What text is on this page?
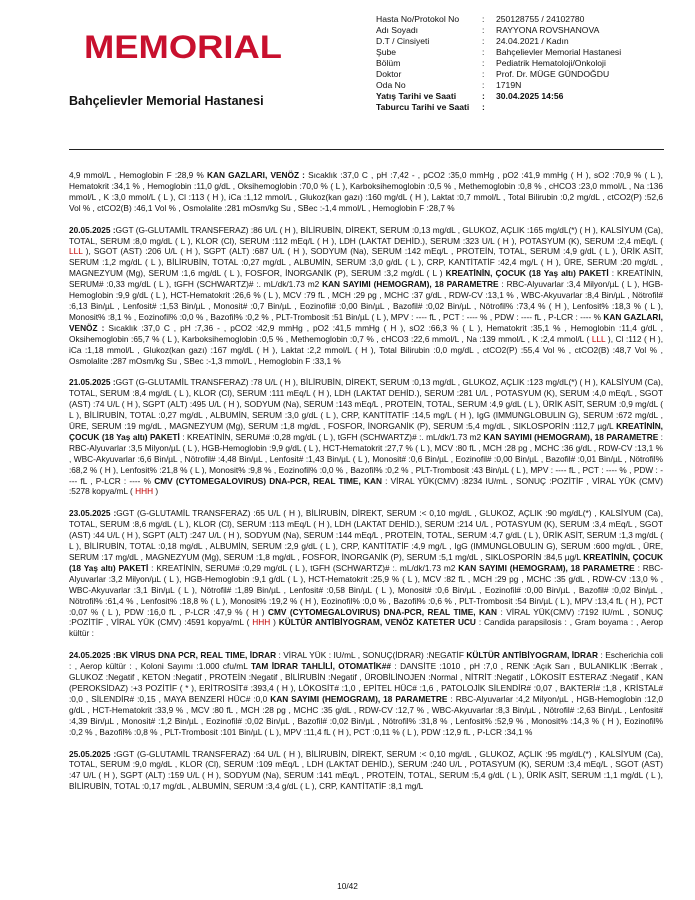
MEMORIAL
Bahçelievler Memorial Hastanesi
Hasta No/Protokol No	:	250128755 / 24102780
Adı Soyadı	:	RAYYONA ROVSHANOVA
D.T / Cinsiyeti	:	24.04.2021 / Kadın
Şube	:	Bahçelievler Memorial Hastanesi
Bölüm	:	Pediatrik Hematoloji/Onkoloji
Doktor	:	Prof. Dr. MÜGE GÜNDOĞDU
Oda No	:	1719N
Yatış Tarihi ve Saati	:	30.04.2025 14:56
Taburcu Tarihi ve Saati	:

4,9 mmol/L , Hemoglobin F :28,9 % KAN GAZLARI, VENÖZ : Sıcaklık :37,0 C , pH :7,42 - , pCO2 :35,0 mmHg , pO2 :41,9 mmHg ( H ), sO2 :70,9 % ( L ), Hematokrit :34,1 % , Hemoglobin :11,0 g/dL , Oksihemoglobin :70,0 % ( L ), Karboksihemoglobin :0,5 % , Methemoglobin :0,8 % , cHCO3 :23,0 mmol/L , Na :136 mmol/L , K :3,0 mmol/L ( L ), Cl :113 ( H ), iCa :1,12 mmol/L , Glukoz(kan gazı) :160 mg/dL ( H ), Laktat :0,7 mmol/L , Total Bilirubin :0,2 mg/dL , ctCO2(P) :52,6 Vol % , ctCO2(B) :46,1 Vol % , Osmolalite :281 mOsm/kg Su , SBec :-1,4 mmol/L , Hemoglobin F :28,7 %

20.05.2025 :GGT (G-GLUTAMİL TRANSFERAZ) :86 U/L ( H ), BİLİRUBİN, DİREKT, SERUM :0,13 mg/dL , GLUKOZ, AÇLIK :165 mg/dL(*) ( H ), KALSİYUM (Ca), TOTAL, SERUM :8,0 mg/dL ( L ), KLOR (Cl), SERUM :112 mEq/L ( H ), LDH (LAKTAT DEHİD.), SERUM :323 U/L ( H ), POTASYUM (K), SERUM :2,4 mEq/L ( LLL ), SGOT (AST) :206 U/L ( H ), SGPT (ALT) :687 U/L ( H ), SODYUM (Na), SERUM :142 mEq/L , PROTEİN, TOTAL, SERUM :4,9 g/dL ( L ), ÜRİK ASİT, SERUM :1,2 mg/dL ( L ), BİLİRUBİN, TOTAL :0,27 mg/dL , ALBUMİN, SERUM :3,0 g/dL ( L ), CRP, KANTİTATİF :42,4 mg/L ( H ), ÜRE, SERUM :20 mg/dL , MAGNEZYUM (Mg), SERUM :1,6 mg/dL ( L ), FOSFOR, İNORGANİK (P), SERUM :3,2 mg/dL ( L ) KREATİNİN, ÇOCUK (18 Yaş altı) PAKETİ : KREATİNİN, SERUM# :0,33 mg/dL ( L ), tGFH (SCHWARTZ)# :. mL/dk/1.73 m2 KAN SAYIMI (HEMOGRAM), 18 PARAMETRE : RBC-Alyuvarlar :3,4 Milyon/µL ( L ), HGB-Hemoglobin :9,9 g/dL ( L ), HCT-Hematokrit :26,6 % ( L ), MCV :79 fL , MCH :29 pg , MCHC :37 g/dL , RDW-CV :13,1 % , WBC-Akyuvarlar :8,4 Bin/µL , Nötrofil# :6,13 Bin/µL , Lenfosit# :1,53 Bin/µL , Monosit# :0,7 Bin/µL , Eozinofil# :0,00 Bin/µL , Bazofil# :0,02 Bin/µL , Nötrofil% :73,4 % ( H ), Lenfosit% :18,3 % ( L ), Monosit% :8,1 % , Eozinofil% :0,0 % , Bazofil% :0,2 % , PLT-Trombosit :51 Bin/µL ( L ), MPV : ---- fL , PCT : ---- % , PDW : ---- fL , P-LCR : ---- % KAN GAZLARI, VENÖZ : Sıcaklık :37,0 C , pH :7,36 - , pCO2 :42,9 mmHg , pO2 :41,5 mmHg ( H ), sO2 :66,3 % ( L ), Hematokrit :35,1 % , Hemoglobin :11,4 g/dL , Oksihemoglobin :65,7 % ( L ), Karboksihemoglobin :0,5 % , Methemoglobin :0,7 % , cHCO3 :22,6 mmol/L , Na :139 mmol/L , K :2,4 mmol/L ( LLL ), Cl :112 ( H ), iCa :1,18 mmol/L , Glukoz(kan gazı) :167 mg/dL ( H ), Laktat :2,2 mmol/L ( H ), Total Bilirubin :0,0 mg/dL , ctCO2(P) :55,4 Vol % , ctCO2(B) :48,7 Vol % , Osmolalite :287 mOsm/kg Su , SBec :-1,3 mmol/L , Hemoglobin F :33,1 %

21.05.2025 :GGT (G-GLUTAMİL TRANSFERAZ) :78 U/L ( H ), BİLİRUBİN, DİREKT, SERUM :0,13 mg/dL , GLUKOZ, AÇLIK :123 mg/dL(*) ( H ), KALSİYUM (Ca), TOTAL, SERUM :8,4 mg/dL ( L ), KLOR (Cl), SERUM :111 mEq/L ( H ), LDH (LAKTAT DEHİD.), SERUM :281 U/L , POTASYUM (K), SERUM :4,0 mEq/L , SGOT (AST) :74 U/L ( H ), SGPT (ALT) :495 U/L ( H ), SODYUM (Na), SERUM :143 mEq/L , PROTEİN, TOTAL, SERUM :4,9 g/dL ( L ), ÜRİK ASİT, SERUM :0,9 mg/dL ( L ), BİLİRUBİN, TOTAL :0,27 mg/dL , ALBUMİN, SERUM :3,0 g/dL ( L ), CRP, KANTİTATİF :14,5 mg/L ( H ), IgG (IMMUNGLOBULIN G), SERUM :672 mg/dL , ÜRE, SERUM :19 mg/dL , MAGNEZYUM (Mg), SERUM :1,8 mg/dL , FOSFOR, İNORGANİK (P), SERUM :5,4 mg/dL , SIKLOSPORİN :112,7 µg/L KREATİNİN, ÇOCUK (18 Yaş altı) PAKETİ : KREATİNİN, SERUM# :0,28 mg/dL ( L ), tGFH (SCHWARTZ)# :. mL/dk/1.73 m2 KAN SAYIMI (HEMOGRAM), 18 PARAMETRE : RBC-Alyuvarlar :3,5 Milyon/µL ( L ), HGB-Hemoglobin :9,9 g/dL ( L ), HCT-Hematokrit :27,7 % ( L ), MCV :80 fL , MCH :28 pg , MCHC :36 g/dL , RDW-CV :13,1 % , WBC-Akyuvarlar :6,6 Bin/µL , Nötrofil# :4,48 Bin/µL , Lenfosit# :1,43 Bin/µL ( L ), Monosit# :0,6 Bin/µL , Eozinofil# :0,00 Bin/µL , Bazofil# :0,01 Bin/µL , Nötrofil% :68,2 % ( H ), Lenfosit% :21,8 % ( L ), Monosit% :9,8 % , Eozinofil% :0,0 % , Bazofil% :0,2 % , PLT-Trombosit :43 Bin/µL ( L ), MPV : ---- fL , PCT : ---- % , PDW : ---- fL , P-LCR : ---- % CMV (CYTOMEGALOVIRUS) DNA-PCR, REAL TIME, KAN : VİRAL YÜK(CMV) :8234 IU/mL , SONUÇ :POZİTİF , VİRAL YÜK (CMV) :5278 kopya/mL ( HHH )

23.05.2025 :GGT (G-GLUTAMİL TRANSFERAZ) :65 U/L ( H ), BİLİRUBİN, DİREKT, SERUM :< 0,10 mg/dL , GLUKOZ, AÇLIK :90 mg/dL(*) , KALSİYUM (Ca), TOTAL, SERUM :8,6 mg/dL ( L ), KLOR (Cl), SERUM :113 mEq/L ( H ), LDH (LAKTAT DEHİD.), SERUM :214 U/L , POTASYUM (K), SERUM :3,4 mEq/L , SGOT (AST) :44 U/L ( H ), SGPT (ALT) :247 U/L ( H ), SODYUM (Na), SERUM :144 mEq/L , PROTEİN, TOTAL, SERUM :4,7 g/dL ( L ), ÜRİK ASİT, SERUM :1,3 mg/dL ( L ), BİLİRUBİN, TOTAL :0,18 mg/dL , ALBUMİN, SERUM :2,9 g/dL ( L ), CRP, KANTİTATİF :4,9 mg/L , IgG (IMMUNGLOBULIN G), SERUM :600 mg/dL , ÜRE, SERUM :17 mg/dL , MAGNEZYUM (Mg), SERUM :1,8 mg/dL , FOSFOR, İNORGANİK (P), SERUM :5,1 mg/dL , SIKLOSPORİN :84,5 µg/L KREATİNİN, ÇOCUK (18 Yaş altı) PAKETİ : KREATİNİN, SERUM# :0,29 mg/dL ( L ), tGFH (SCHWARTZ)# :. mL/dk/1.73 m2 KAN SAYIMI (HEMOGRAM), 18 PARAMETRE : RBC-Alyuvarlar :3,2 Milyon/µL ( L ), HGB-Hemoglobin :9,1 g/dL ( L ), HCT-Hematokrit :25,9 % ( L ), MCV :82 fL , MCH :29 pg , MCHC :35 g/dL , RDW-CV :13,0 % , WBC-Akyuvarlar :3,1 Bin/µL ( L ), Nötrofil# :1,89 Bin/µL , Lenfosit# :0,58 Bin/µL ( L ), Monosit# :0,6 Bin/µL , Eozinofil# :0,00 Bin/µL , Bazofil# :0,02 Bin/µL , Nötrofil% :61,4 % , Lenfosit% :18,8 % ( L ), Monosit% :19,2 % ( H ), Eozinofil% :0,0 % , Bazofil% :0,6 % , PLT-Trombosit :54 Bin/µL ( L ), MPV :13,4 fL ( H ), PCT :0,07 % ( L ), PDW :16,0 fL , P-LCR :47,9 % ( H ) CMV (CYTOMEGALOVIRUS) DNA-PCR, REAL TIME, KAN : VİRAL YÜK(CMV) :7192 IU/mL , SONUÇ :POZİTİF , VİRAL YÜK (CMV) :4591 kopya/mL ( HHH ) KÜLTÜR ANTİBİYOGRAM, VENÖZ KATETER UCU : Candida parapsilosis : , Gram boyama : , Aerop kültür :

24.05.2025 :BK VİRUS DNA PCR, REAL TIME, İDRAR : VİRAL YÜK : IU/mL , SONUÇ(İDRAR) :NEGATİF KÜLTÜR ANTİBİYOGRAM, İDRAR : Escherichia coli : , Aerop kültür : , Koloni Sayımı :1.000 cfu/mL TAM İDRAR TAHLİLİ, OTOMATİK## : DANSİTE :1010 , pH :7,0 , RENK :Açık Sarı , BULANIKLIK :Berrak , GLUKOZ :Negatif , KETON :Negatif , PROTEİN :Negatif , BİLİRUBİN :Negatif , ÜROBİLİNOJEN :Normal , NİTRİT :Negatif , LÖKOSİT ESTERAZ :Negatif , KAN (PEROKSİDAZ) :+3 POZİTİF ( * ), ERİTROSİT# :393,4 ( H ), LÖKOSİT# :1,0 , EPİTEL HÜC# :1,6 , PATOLOJİK SİLENDİR# :0,07 , BAKTERİ# :1,8 , KRİSTAL# :0,0 , SİLENDİR# :0,15 , MAYA BENZERİ HÜC# :0,0 KAN SAYIMI (HEMOGRAM), 18 PARAMETRE : RBC-Alyuvarlar :4,2 Milyon/µL , HGB-Hemoglobin :12,0 g/dL , HCT-Hematokrit :33,9 % , MCV :80 fL , MCH :28 pg , MCHC :35 g/dL , RDW-CV :12,7 % , WBC-Akyuvarlar :8,3 Bin/µL , Nötrofil# :2,63 Bin/µL , Lenfosit# :4,39 Bin/µL , Monosit# :1,2 Bin/µL , Eozinofil# :0,02 Bin/µL , Bazofil# :0,02 Bin/µL , Nötrofil% :31,8 % , Lenfosit% :52,9 % , Monosit% :14,3 % ( H ), Eozinofil% :0,2 % , Bazofil% :0,8 % , PLT-Trombosit :101 Bin/µL ( L ), MPV :11,4 fL ( H ), PCT :0,11 % ( L ), PDW :12,9 fL , P-LCR :34,1 %

25.05.2025 :GGT (G-GLUTAMİL TRANSFERAZ) :64 U/L ( H ), BİLİRUBİN, DİREKT, SERUM :< 0,10 mg/dL , GLUKOZ, AÇLIK :95 mg/dL(*) , KALSİYUM (Ca), TOTAL, SERUM :9,0 mg/dL , KLOR (Cl), SERUM :109 mEq/L , LDH (LAKTAT DEHİD.), SERUM :240 U/L , POTASYUM (K), SERUM :3,4 mEq/L , SGOT (AST) :47 U/L ( H ), SGPT (ALT) :159 U/L ( H ), SODYUM (Na), SERUM :141 mEq/L , PROTEİN, TOTAL, SERUM :5,4 g/dL ( L ), ÜRİK ASİT, SERUM :1,1 mg/dL ( L ), BİLİRUBİN, TOTAL :0,17 mg/dL , ALBUMİN, SERUM :3,4 g/dL ( L ), CRP, KANTİTATİF :8,1 mg/L

10/42
